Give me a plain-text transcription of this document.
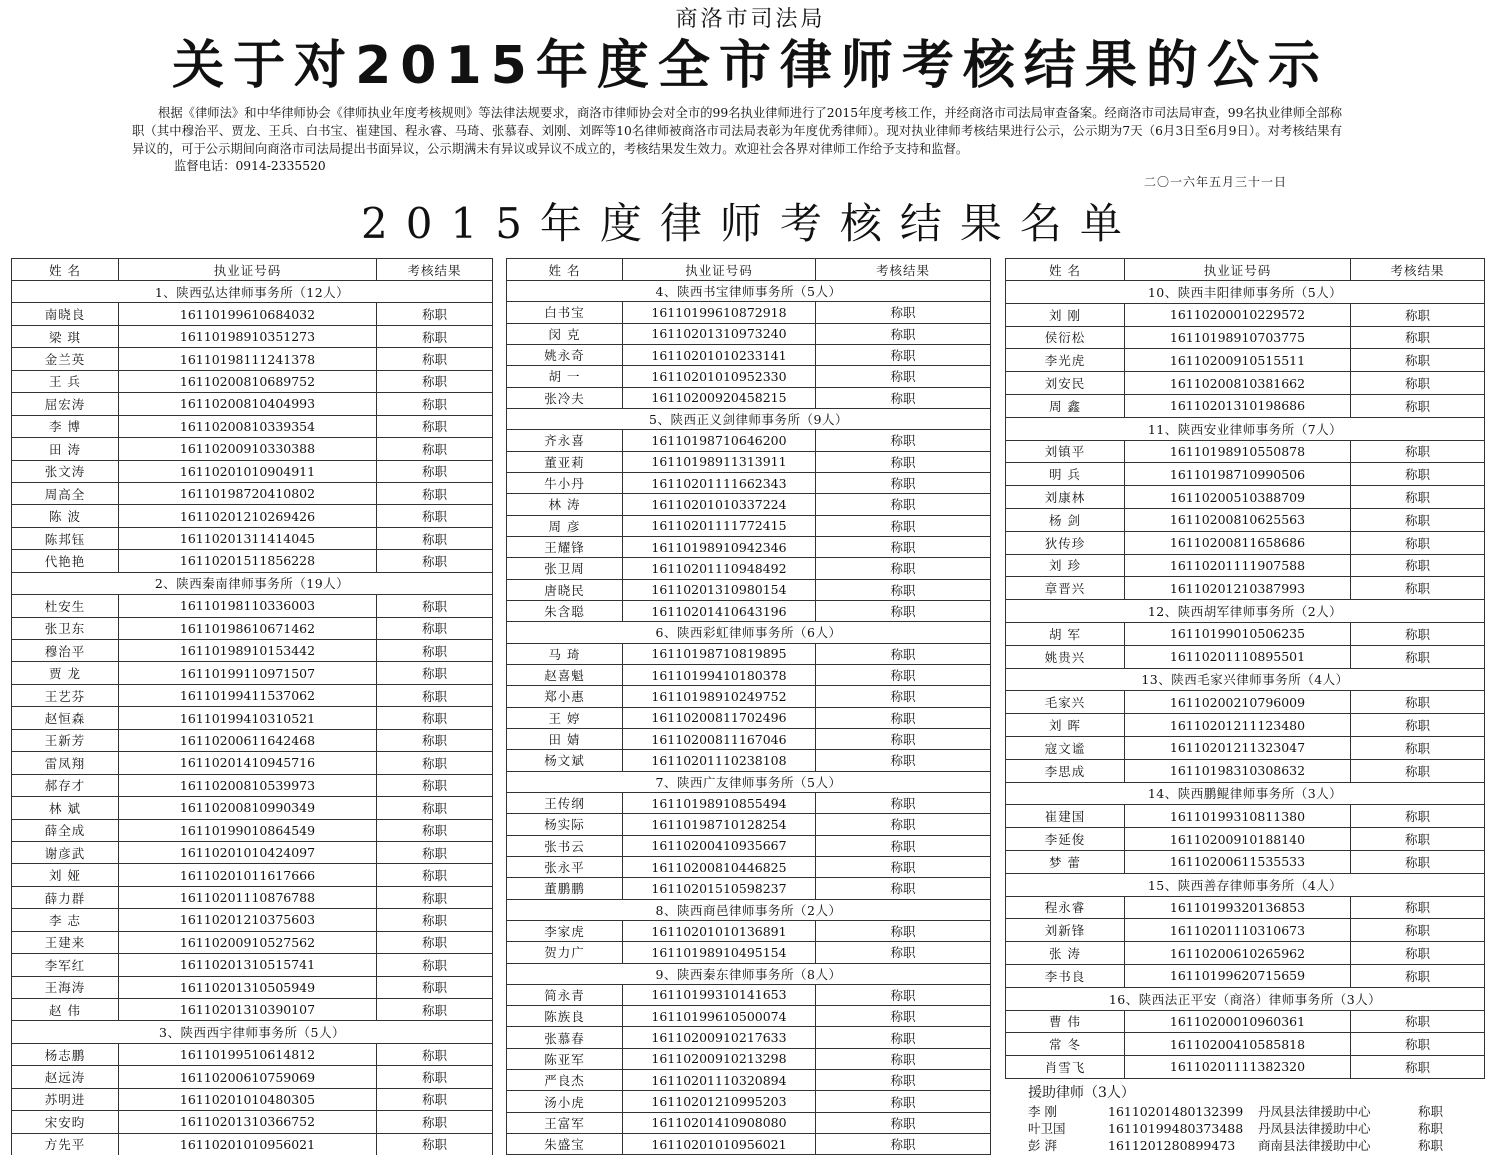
商洛市司法局
关于对2015年度全市律师考核结果的公示
根据《律师法》和中华律师协会《律师执业年度考核规则》等法律法规要求，商洛市律师协会对全市的99名执业律师进行了2015年度考核工作，并经商洛市司法局审查备案。经商洛市司法局审查，99名执业律师全部称职（其中穆治平、贾龙、王兵、白书宝、崔建国、程永睿、马琦、张慕春、刘刚、刘晖等10名律师被商洛市司法局表彰为年度优秀律师）。现对执业律师考核结果进行公示，公示期为7天（6月3日至6月9日）。对考核结果有异议的，可于公示期间向商洛市司法局提出书面异议，公示期满未有异议或异议不成立的，考核结果发生效力。欢迎社会各界对律师工作给予支持和监督。
监督电话：0914-2335520
二〇一六年五月三十一日
2015年度律师考核结果名单
姓 名	执业证号码	考核结果
1、陕西弘达律师事务所（12人）		
南晓良	16110199610684032	称职
梁 琪	16110198910351273	称职
金兰英	16110198111241378	称职
王 兵	16110200810689752	称职
屈宏涛	16110200810404993	称职
李 博	16110200810339354	称职
田 涛	16110200910330388	称职
张文涛	16110201010904911	称职
周高全	16110198720410802	称职
陈 波	16110201210269426	称职
陈邦钰	16110201311414045	称职
代艳艳	16110201511856228	称职
2、陕西秦南律师事务所（19人）		
杜安生	16110198110336003	称职
张卫东	16110198610671462	称职
穆治平	16110198910153442	称职
贾 龙	16110199110971507	称职
王艺芬	16110199411537062	称职
赵恒森	16110199410310521	称职
王新芳	16110200611642468	称职
雷凤翔	16110201410945716	称职
郝存才	16110200810539973	称职
林 斌	16110200810990349	称职
薛全成	16110199010864549	称职
谢彦武	16110201010424097	称职
刘 娅	16110201011617666	称职
薛力群	16110201110876788	称职
李 志	16110201210375603	称职
王建来	16110200910527562	称职
李军红	16110201310515741	称职
王海涛	16110201310505949	称职
赵 伟	16110201310390107	称职
3、陕西西宇律师事务所（5人）		
杨志鹏	16110199510614812	称职
赵远涛	16110200610759069	称职
苏明进	16110201010480305	称职
宋安昀	16110201310366752	称职
方先平	16110201010956021	称职
姓 名	执业证号码	考核结果
4、陕西书宝律师事务所（5人）		
白书宝	16110199610872918	称职
闵 克	16110201310973240	称职
姚永奇	16110201010233141	称职
胡 一	16110201010952330	称职
张冷夫	16110200920458215	称职
5、陕西正义剑律师事务所（9人）		
齐永喜	16110198710646200	称职
董亚莉	16110198911313911	称职
牛小丹	16110201111662343	称职
林 涛	16110201010337224	称职
周 彦	16110201111772415	称职
王耀锋	16110198910942346	称职
张卫周	16110201110948492	称职
唐晓民	16110201310980154	称职
朱含聪	16110201410643196	称职
6、陕西彩虹律师事务所（6人）		
马 琦	16110198710819895	称职
赵喜魁	16110199410180378	称职
郑小惠	16110198910249752	称职
王 婷	16110200811702496	称职
田 婧	16110200811167046	称职
杨文斌	16110201110238108	称职
7、陕西广友律师事务所（5人）		
王传纲	16110198910855494	称职
杨实际	16110198710128254	称职
张书云	16110200410935667	称职
张永平	16110200810446825	称职
董鹏鹏	16110201510598237	称职
8、陕西商邑律师事务所（2人）		
李家虎	16110201010136891	称职
贺力广	16110198910495154	称职
9、陕西秦东律师事务所（8人）		
简永青	16110199310141653	称职
陈族良	16110199610500074	称职
张慕春	16110200910217633	称职
陈亚军	16110200910213298	称职
严良杰	16110201110320894	称职
汤小虎	16110201210995203	称职
王富军	16110201410908080	称职
朱盛宝	16110201010956021	称职
姓 名	执业证号码	考核结果
10、陕西丰阳律师事务所（5人）		
刘 刚	16110200010229572	称职
侯衍松	16110198910703775	称职
李光虎	16110200910515511	称职
刘安民	16110200810381662	称职
周 鑫	16110201310198686	称职
11、陕西安业律师事务所（7人）		
刘镇平	16110198910550878	称职
明 兵	16110198710990506	称职
刘康林	16110200510388709	称职
杨 剑	16110200810625563	称职
狄传珍	16110200811658686	称职
刘 珍	16110201111907588	称职
章晋兴	16110201210387993	称职
12、陕西胡军律师事务所（2人）		
胡 军	16110199010506235	称职
姚贵兴	16110201110895501	称职
13、陕西毛家兴律师事务所（4人）		
毛家兴	16110200210796009	称职
刘 晖	16110201211123480	称职
寇文谧	16110201211323047	称职
李思成	16110198310308632	称职
14、陕西鹏鲲律师事务所（3人）		
崔建国	16110199310811380	称职
李延俊	16110200910188140	称职
梦 蕾	16110200611535533	称职
15、陕西善存律师事务所（4人）		
程永睿	16110199320136853	称职
刘新锋	16110201110310673	称职
张 涛	16110200610265962	称职
李书良	16110199620715659	称职
16、陕西法正平安（商洛）律师事务所（3人）		
曹 伟	16110200010960361	称职
常 冬	16110200410585818	称职
肖雪飞	16110201111382320	称职
援助律师（3人）
李 刚	16110201480132399	丹凤县法律援助中心	称职
叶卫国	16110199480373488	丹凤县法律援助中心	称职
彭 湃	1611201280899473	商南县法律援助中心	称职
